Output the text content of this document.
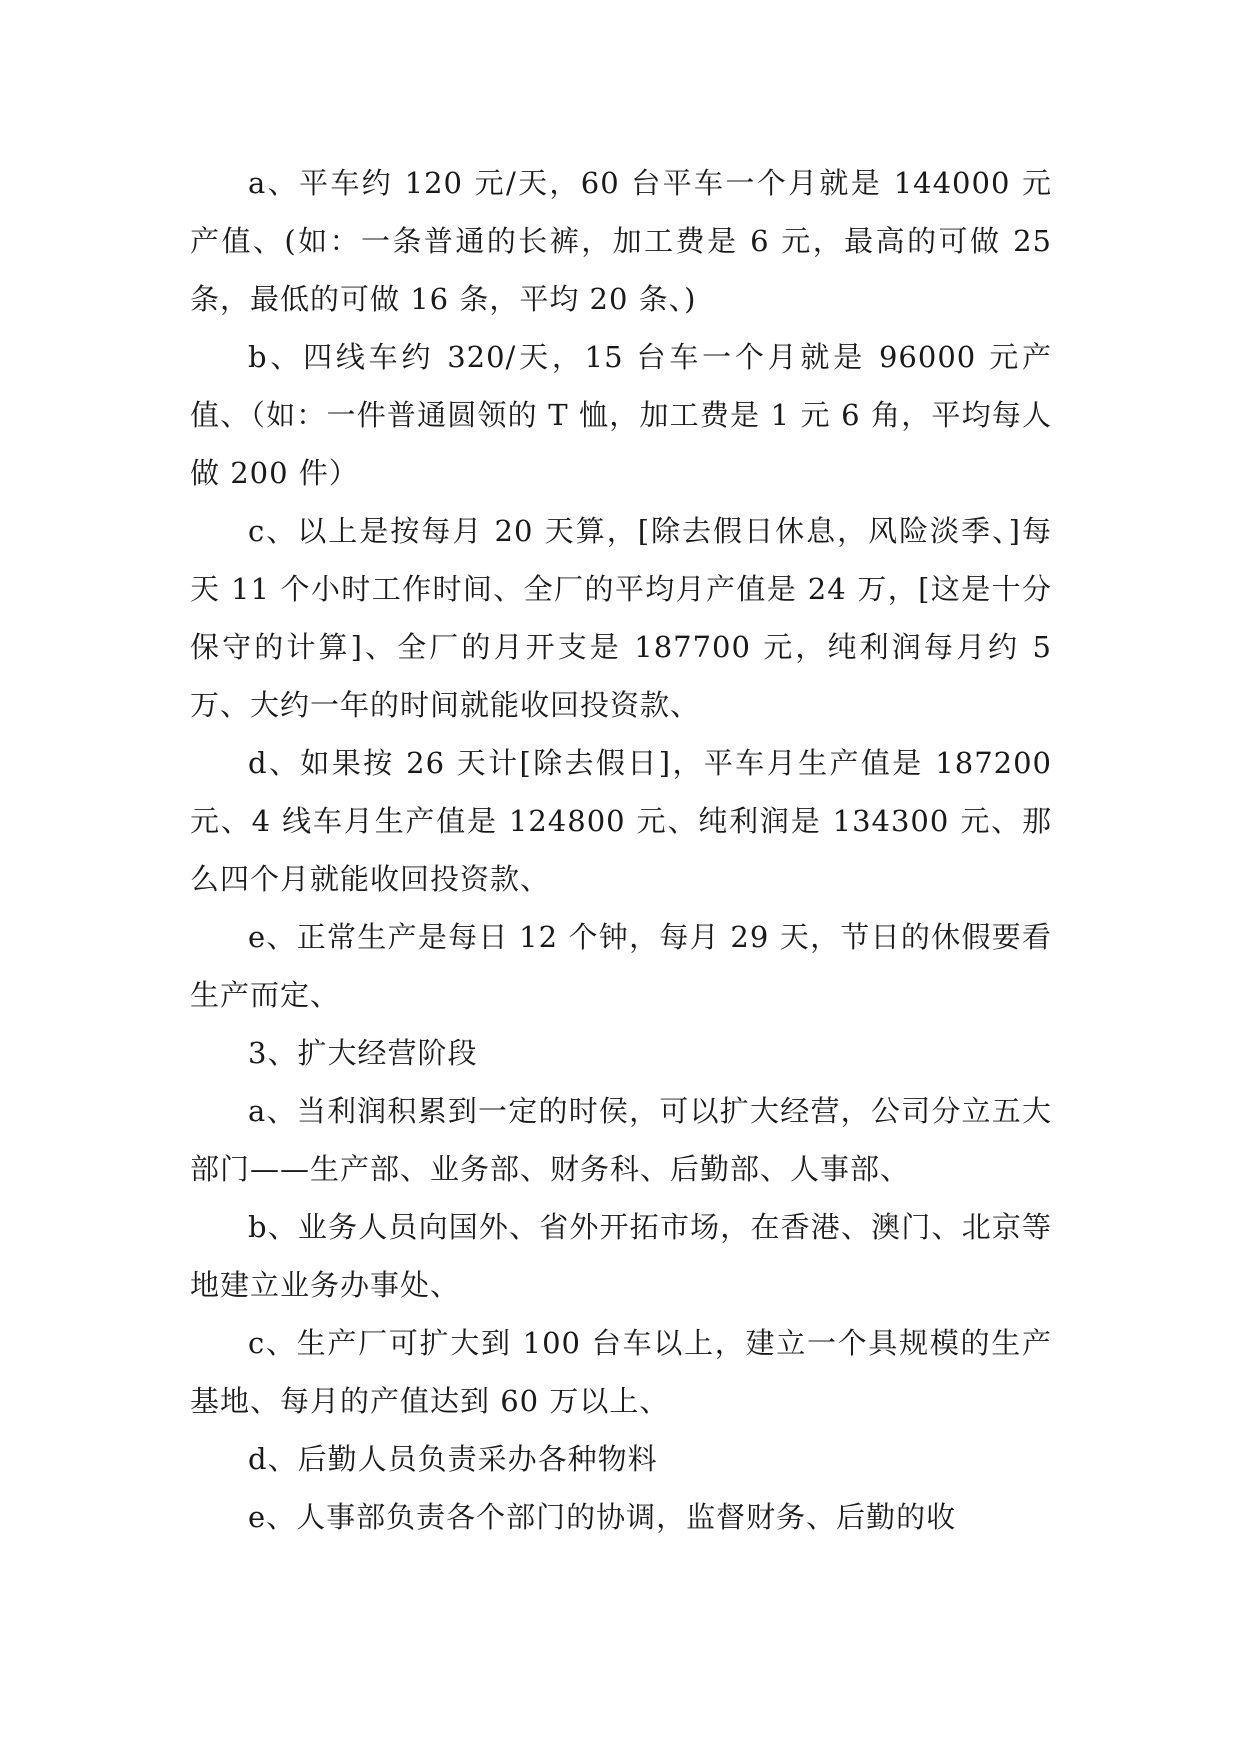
a、平车约 120 元/天，60 台平车一个月就是 144000 元产值、(如：一条普通的长裤，加工费是 6 元，最高的可做 25 条，最低的可做 16 条，平均 20 条、)

b、四线车约 320/天，15 台车一个月就是 96000 元产值、（如：一件普通圆领的 T 恤，加工费是 1 元 6 角，平均每人做 200 件）

c、以上是按每月 20 天算，[除去假日休息，风险淡季、]每天 11 个小时工作时间、全厂的平均月产值是 24 万，[这是十分保守的计算]、全厂的月开支是 187700 元，纯利润每月约 5 万、大约一年的时间就能收回投资款、

d、如果按 26 天计[除去假日]，平车月生产值是 187200 元、4 线车月生产值是 124800 元、纯利润是 134300 元、那么四个月就能收回投资款、

e、正常生产是每日 12 个钟，每月 29 天，节日的休假要看生产而定、

3、扩大经营阶段

a、当利润积累到一定的时侯，可以扩大经营，公司分立五大部门——生产部、业务部、财务科、后勤部、人事部、

b、业务人员向国外、省外开拓市场，在香港、澳门、北京等地建立业务办事处、

c、生产厂可扩大到 100 台车以上，建立一个具规模的生产基地、每月的产值达到 60 万以上、

d、后勤人员负责采办各种物料

e、人事部负责各个部门的协调，监督财务、后勤的收
